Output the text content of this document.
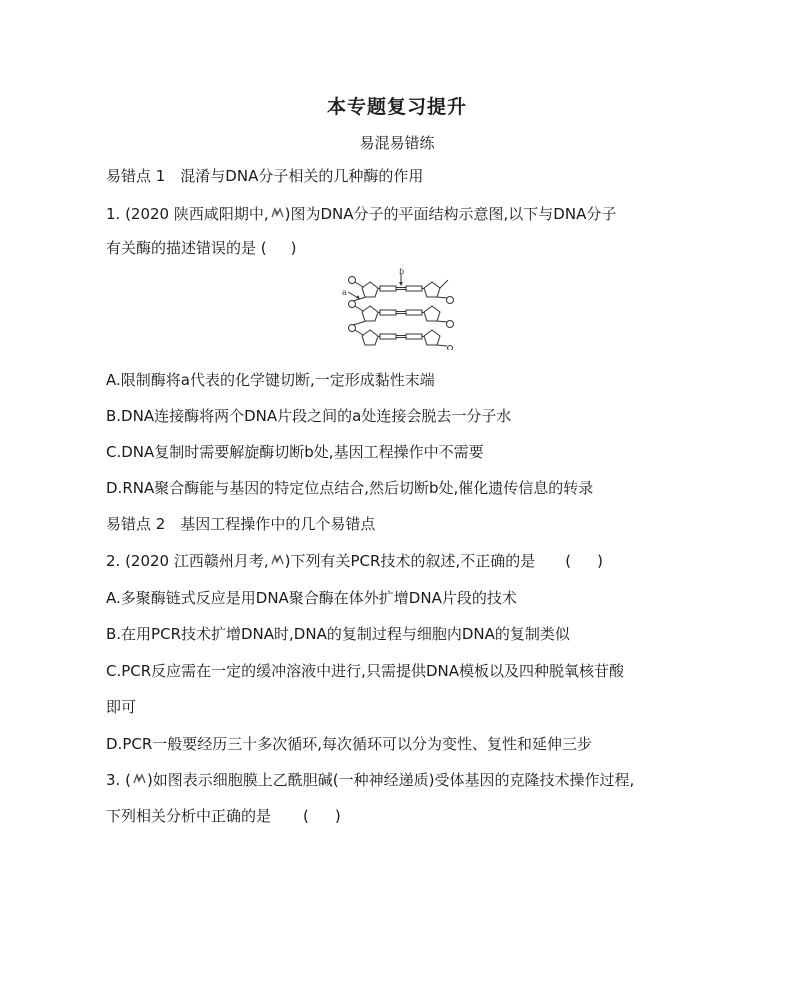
本专题复习提升
易混易错练
易错点 1　混淆与DNA分子相关的几种酶的作用
1. (2020 陕西咸阳期中, )图为DNA分子的平面结构示意图,以下与DNA分子
有关酶的描述错误的是 ( )
a
b
A.限制酶将a代表的化学键切断,一定形成黏性末端
B.DNA连接酶将两个DNA片段之间的a处连接会脱去一分子水
C.DNA复制时需要解旋酶切断b处,基因工程操作中不需要
D.RNA聚合酶能与基因的特定位点结合,然后切断b处,催化遗传信息的转录
易错点 2　基因工程操作中的几个易错点
2. (2020 江西赣州月考, )下列有关PCR技术的叙述,不正确的是 ( )
A.多聚酶链式反应是用DNA聚合酶在体外扩增DNA片段的技术
B.在用PCR技术扩增DNA时,DNA的复制过程与细胞内DNA的复制类似
C.PCR反应需在一定的缓冲溶液中进行,只需提供DNA模板以及四种脱氧核苷酸
即可
D.PCR一般要经历三十多次循环,每次循环可以分为变性、复性和延伸三步
3. ( )如图表示细胞膜上乙酰胆碱(一种神经递质)受体基因的克隆技术操作过程,
下列相关分析中正确的是 ( )
